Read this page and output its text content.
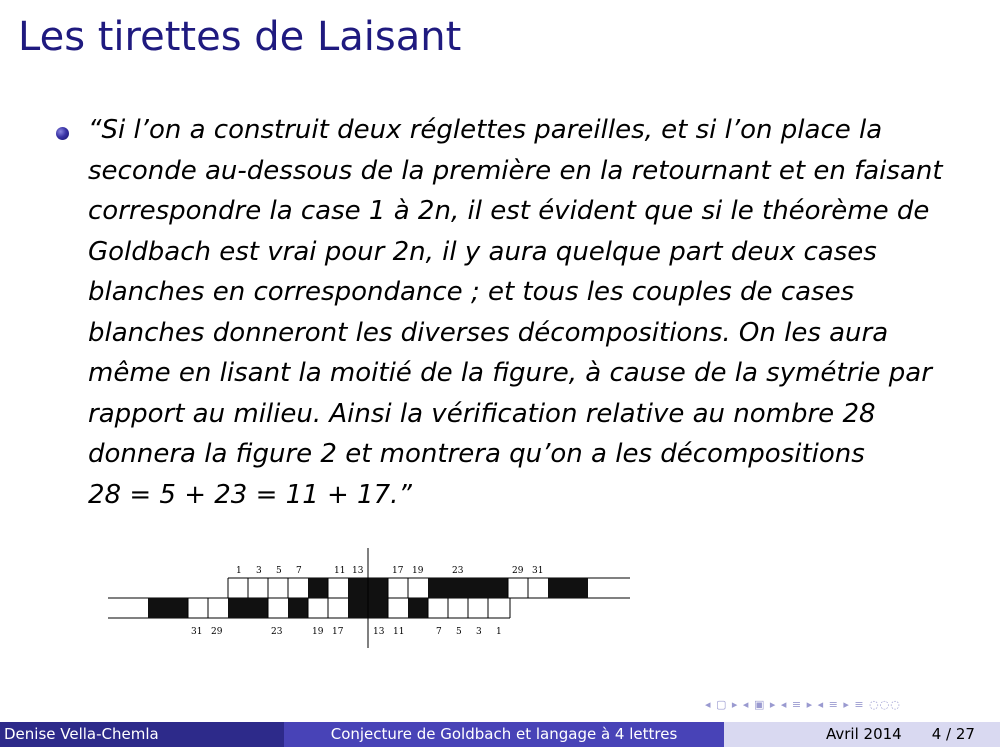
Les tirettes de Laisant
“Si l’on a construit deux réglettes pareilles, et si l’on place la
seconde au-dessous de la première en la retournant et en faisant
correspondre la case 1 à 2n, il est évident que si le théorème de
Goldbach est vrai pour 2n, il y aura quelque part deux cases
blanches en correspondance ; et tous les couples de cases
blanches donneront les diverses décompositions. On les aura
même en lisant la moitié de la figure, à cause de la symétrie par
rapport au milieu. Ainsi la vérification relative au nombre 28
donnera la figure 2 et montrera qu’on a les décompositions
28 = 5 + 23 = 11 + 17.”
1 3 5 7	11 13	17 19	23	29 31
31 29	23	19 17	13 11	7 5 3 1
◂ ▢ ▸ ◂ ▣ ▸ ◂ ≡ ▸ ◂ ≡ ▸ ≡ ◌◌◌
Denise Vella-Chemla	Conjecture de Goldbach et langage à 4 lettres	Avril 2014 4 / 27
